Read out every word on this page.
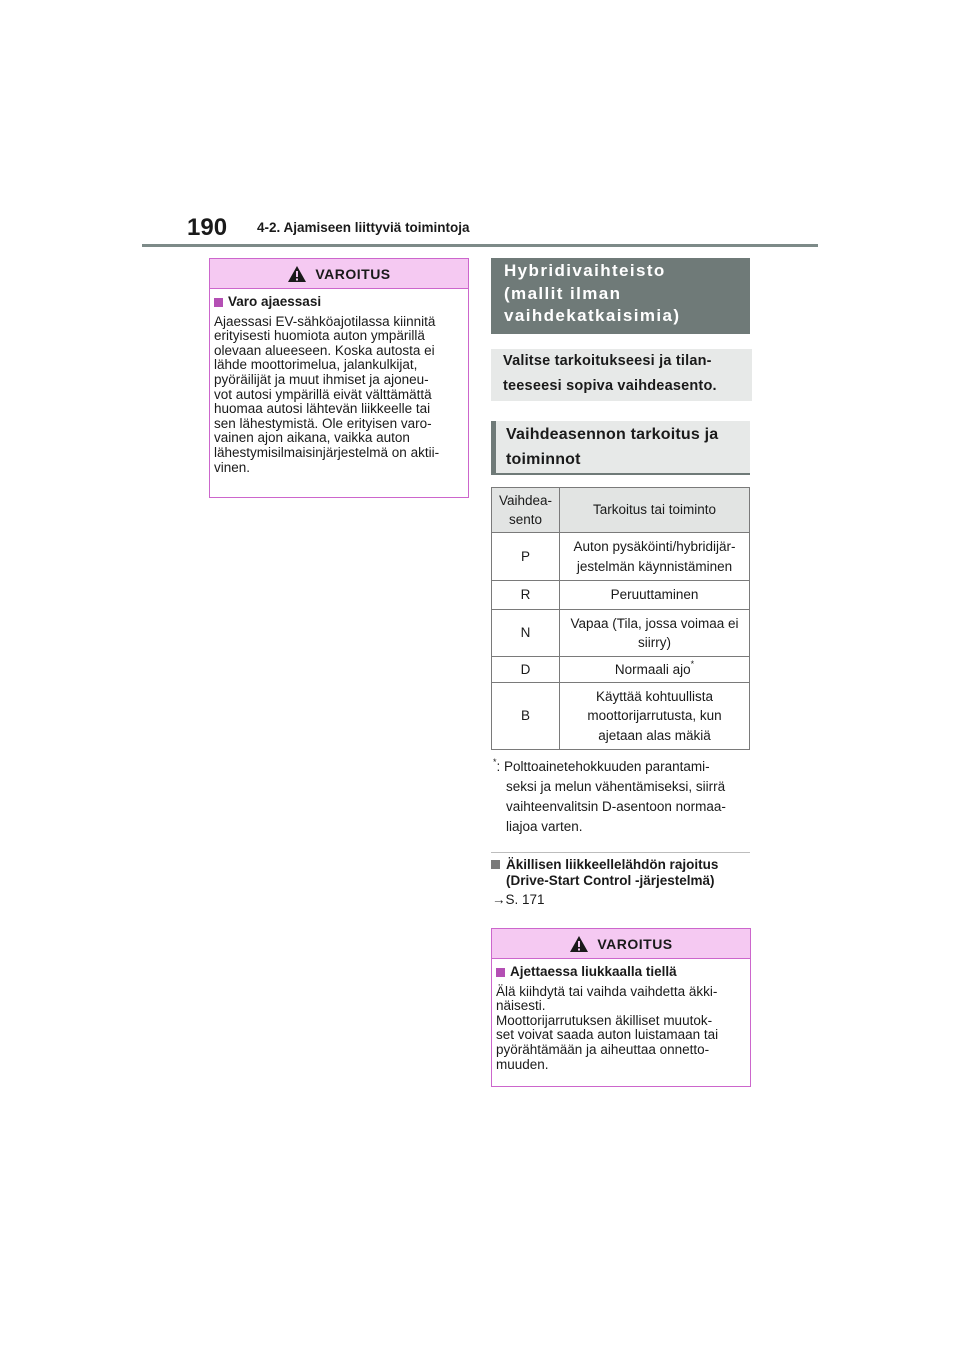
190 4-2. Ajamiseen liittyviä toimintoja
VAROITUS
Varo ajaessasi
Ajaessasi EV-sähköajotilassa kiinnitä
erityisesti huomiota auton ympärillä
olevaan alueeseen. Koska autosta ei
lähde moottorimelua, jalankulkijat,
pyöräilijät ja muut ihmiset ja ajoneu-
vot autosi ympärillä eivät välttämättä
huomaa autosi lähtevän liikkeelle tai
sen lähestymistä. Ole erityisen varo-
vainen ajon aikana, vaikka auton
lähestymisilmaisinjärjestelmä on aktii-
vinen.
Hybridivaihteisto
(mallit ilman
vaihdekatkaisimia)
Valitse tarkoitukseesi ja tilan-
teeseesi sopiva vaihdeasento.
Vaihdeasennon tarkoitus ja
toiminnot
Vaihdea-
sento	Tarkoitus tai toiminto
P	Auton pysäköinti/hybridijär-
jestelmän käynnistäminen
R	Peruuttaminen
N	Vapaa (Tila, jossa voimaa ei
siirry)
D	Normaali ajo*
B	Käyttää kohtuullista
moottorijarrutusta, kun
ajetaan alas mäkiä
*: Polttoainetehokkuuden parantami-
seksi ja melun vähentämiseksi, siirrä
vaihteenvalitsin D-asentoon normaa-
liajoa varten.
Äkillisen liikkeellelähdön rajoitus
(Drive-Start Control -järjestelmä)
→S. 171
VAROITUS
Ajettaessa liukkaalla tiellä
Älä kiihdytä tai vaihda vaihdetta äkki-
näisesti.
Moottorijarrutuksen äkilliset muutok-
set voivat saada auton luistamaan tai
pyörähtämään ja aiheuttaa onnetto-
muuden.
